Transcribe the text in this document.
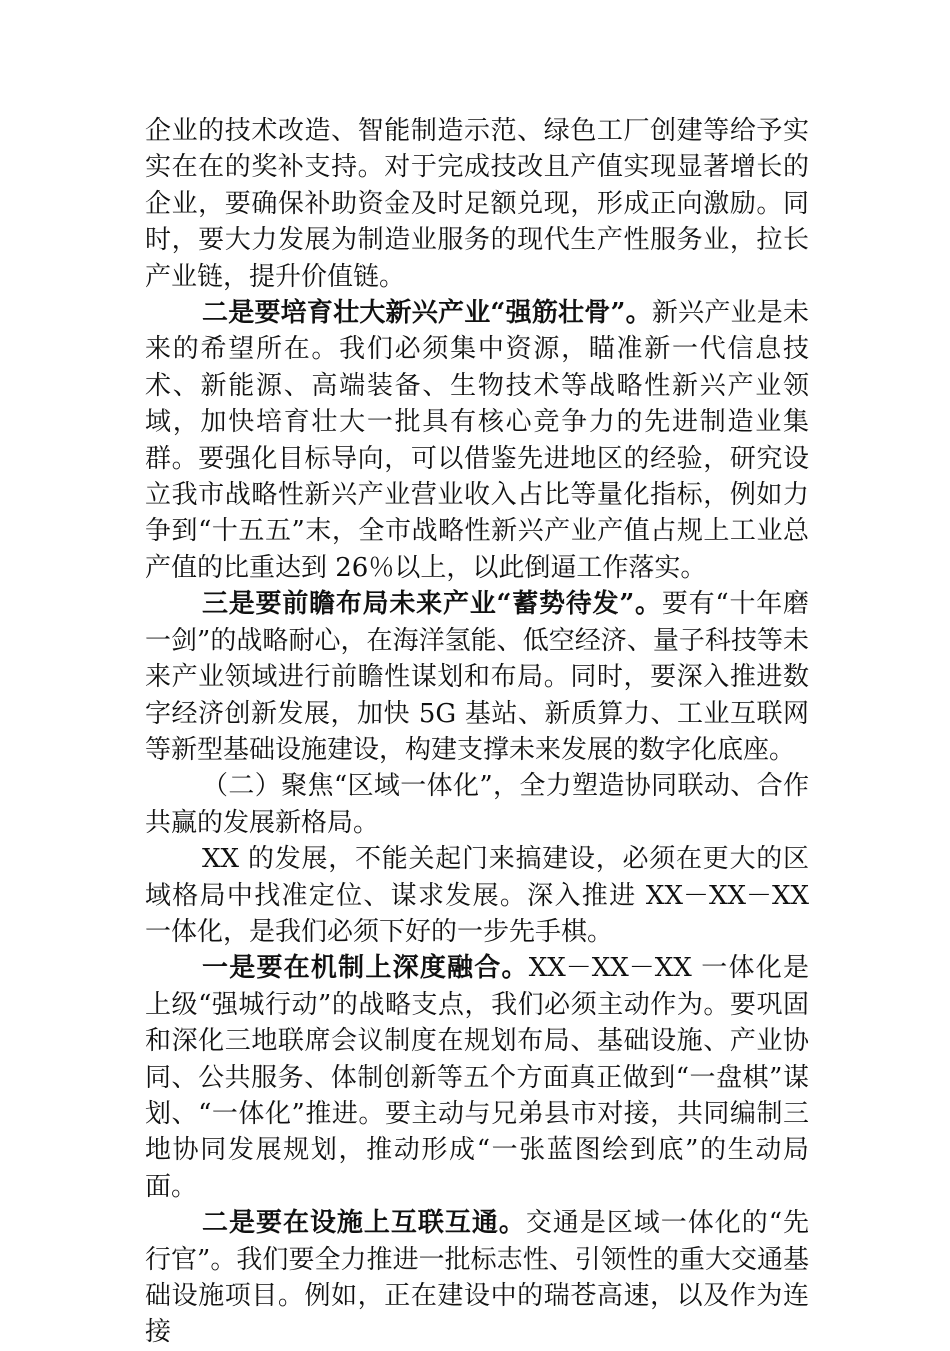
企业的技术改造、智能制造示范、绿色工厂创建等给予实实在在的奖补支持。对于完成技改且产值实现显著增长的企业，要确保补助资金及时足额兑现，形成正向激励。同时，要大力发展为制造业服务的现代生产性服务业，拉长产业链，提升价值链。

二是要培育壮大新兴产业“强筋壮骨”。新兴产业是未来的希望所在。我们必须集中资源，瞄准新一代信息技术、新能源、高端装备、生物技术等战略性新兴产业领域，加快培育壮大一批具有核心竞争力的先进制造业集群。要强化目标导向，可以借鉴先进地区的经验，研究设立我市战略性新兴产业营业收入占比等量化指标，例如力争到“十五五”末，全市战略性新兴产业产值占规上工业总产值的比重达到 26％以上，以此倒逼工作落实。

三是要前瞻布局未来产业“蓄势待发”。要有“十年磨一剑”的战略耐心，在海洋氢能、低空经济、量子科技等未来产业领域进行前瞻性谋划和布局。同时，要深入推进数字经济创新发展，加快 5G 基站、新质算力、工业互联网等新型基础设施建设，构建支撑未来发展的数字化底座。

（二）聚焦“区域一体化”，全力塑造协同联动、合作共赢的发展新格局。

XX 的发展，不能关起门来搞建设，必须在更大的区域格局中找准定位、谋求发展。深入推进 XX－XX－XX 一体化，是我们必须下好的一步先手棋。

一是要在机制上深度融合。XX－XX－XX 一体化是上级“强城行动”的战略支点，我们必须主动作为。要巩固和深化三地联席会议制度在规划布局、基础设施、产业协同、公共服务、体制创新等五个方面真正做到“一盘棋”谋划、“一体化”推进。要主动与兄弟县市对接，共同编制三地协同发展规划，推动形成“一张蓝图绘到底”的生动局面。

二是要在设施上互联互通。交通是区域一体化的“先行官”。我们要全力推进一批标志性、引领性的重大交通基础设施项目。例如，正在建设中的瑞苍高速，以及作为连接
